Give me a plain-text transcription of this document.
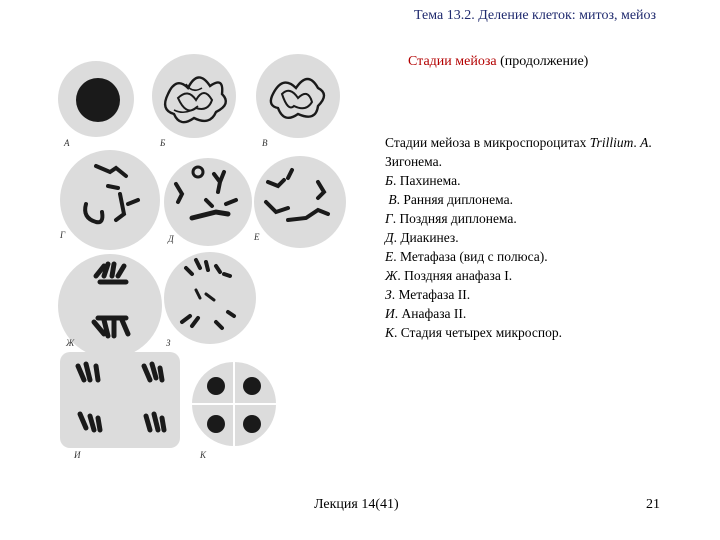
Тема 13.2. Деление клеток: митоз, мейоз
Стадии мейоза (продолжение)
А	Б	В
Г	Д	Е
Ж	З
И	К
Стадии мейоза в микроспороцитах Trillium. А.
Зигонема.
Б. Пахинема.
В. Ранняя диплонема.
Г. Поздняя диплонема.
Д. Диакинез.
Е. Метафаза (вид с полюса).
Ж. Поздняя анафаза I.
З. Метафаза II.
И. Анафаза II.
К. Стадия четырех микроспор.
Лекция 14(41)	21
